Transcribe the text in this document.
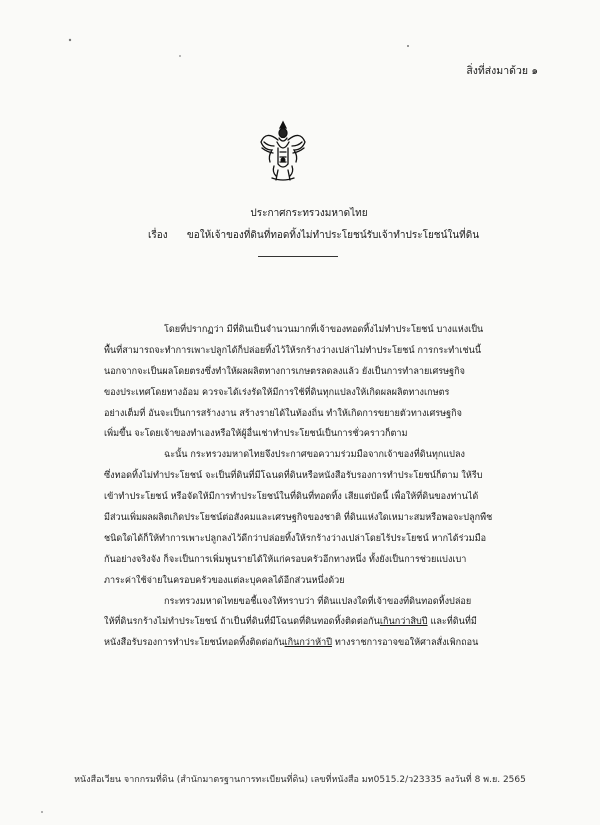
สิ่งที่ส่งมาด้วย ๑
ประกาศกระทรวงมหาดไทย
เรื่อง ขอให้เจ้าของที่ดินที่ทอดทิ้งไม่ทำประโยชน์รับเจ้าทำประโยชน์ในที่ดิน
โดยที่ปรากฏว่า มีที่ดินเป็นจำนวนมากที่เจ้าของทอดทิ้งไม่ทำประโยชน์ บางแห่งเป็น
พื้นที่สามารถจะทำการเพาะปลูกได้ก็ปล่อยทิ้งไว้ให้รกร้างว่างเปล่าไม่ทำประโยชน์ การกระทำเช่นนี้
นอกจากจะเป็นผลโดยตรงซึ่งทำให้ผลผลิตทางการเกษตรลดลงแล้ว ยังเป็นการทำลายเศรษฐกิจ
ของประเทศโดยทางอ้อม ควรจะได้เร่งรัดให้มีการใช้ที่ดินทุกแปลงให้เกิดผลผลิตทางเกษตร
อย่างเต็มที่ อันจะเป็นการสร้างงาน สร้างรายได้ในท้องถิ่น ทำให้เกิดการขยายตัวทางเศรษฐกิจ
เพิ่มขึ้น จะโดยเจ้าของทำเองหรือให้ผู้อื่นเช่าทำประโยชน์เป็นการชั่วคราวก็ตาม
ฉะนั้น กระทรวงมหาดไทยจึงประกาศขอความร่วมมือจากเจ้าของที่ดินทุกแปลง
ซึ่งทอดทิ้งไม่ทำประโยชน์ จะเป็นที่ดินที่มีโฉนดที่ดินหรือหนังสือรับรองการทำประโยชน์ก็ตาม ให้รีบ
เข้าทำประโยชน์ หรือจัดให้มีการทำประโยชน์ในที่ดินที่ทอดทิ้ง เสียแต่บัดนี้ เพื่อให้ที่ดินของท่านได้
มีส่วนเพิ่มผลผลิตเกิดประโยชน์ต่อสังคมและเศรษฐกิจของชาติ ที่ดินแห่งใดเหมาะสมหรือพอจะปลูกพืช
ชนิดใดได้ก็ให้ทำการเพาะปลูกลงไว้ดีกว่าปล่อยทิ้งให้รกร้างว่างเปล่าโดยไร้ประโยชน์ หากได้ร่วมมือ
กันอย่างจริงจัง ก็จะเป็นการเพิ่มพูนรายได้ให้แก่ครอบครัวอีกทางหนึ่ง ทั้งยังเป็นการช่วยแบ่งเบา
ภาระค่าใช้จ่ายในครอบครัวของแต่ละบุคคลได้อีกส่วนหนึ่งด้วย
กระทรวงมหาดไทยขอชี้แจงให้ทราบว่า ที่ดินแปลงใดที่เจ้าของที่ดินทอดทิ้งปล่อย
ให้ที่ดินรกร้างไม่ทำประโยชน์ ถ้าเป็นที่ดินที่มีโฉนดที่ดินทอดทิ้งติดต่อกันเกินกว่าสิบปี และที่ดินที่มี
หนังสือรับรองการทำประโยชน์ทอดทิ้งติดต่อกันเกินกว่าห้าปี ทางราชการอาจขอให้ศาลสั่งเพิกถอน
หนังสือเวียน จากกรมที่ดิน (สำนักมาตรฐานการทะเบียนที่ดิน) เลขที่หนังสือ มท0515.2/ว23335 ลงวันที่ 8 พ.ย. 2565
